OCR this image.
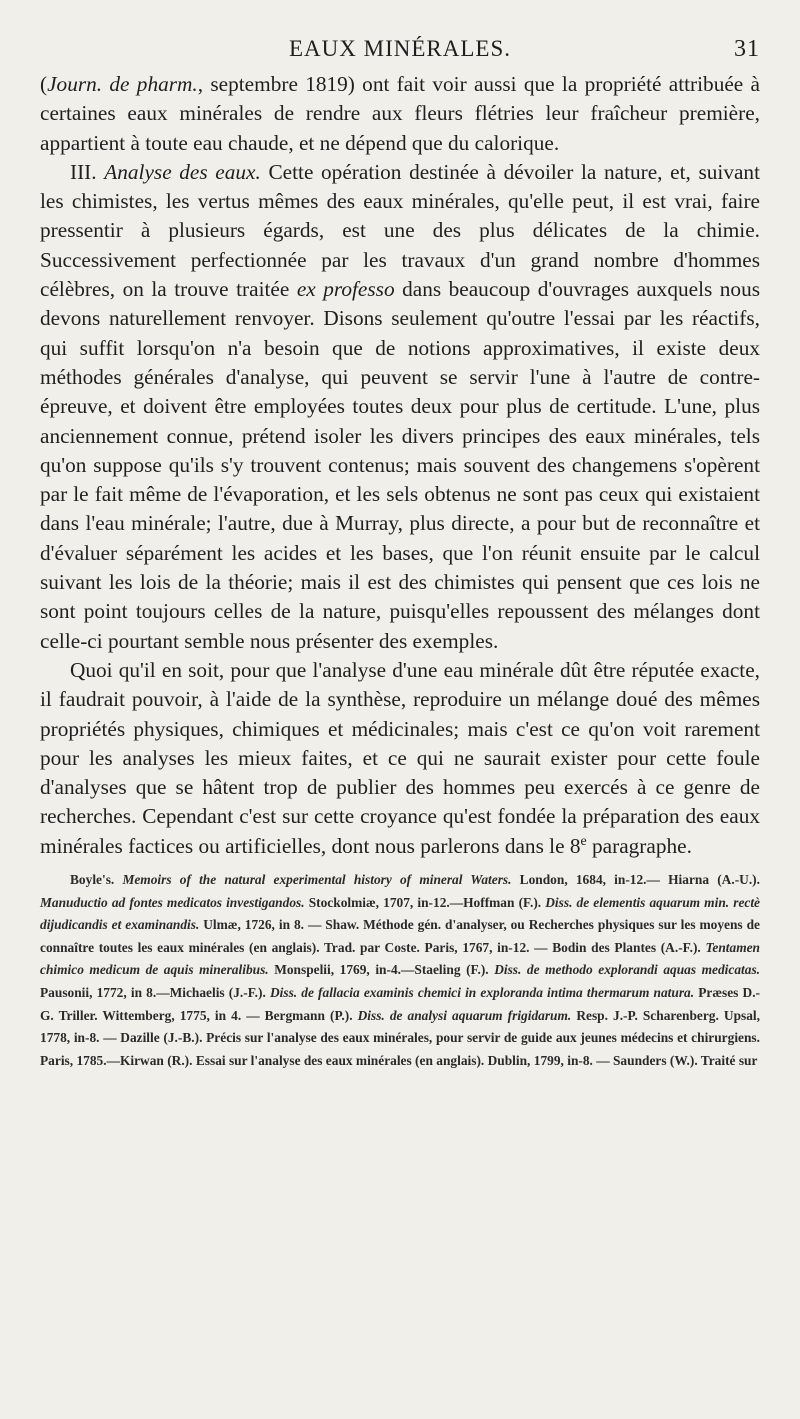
EAUX MINÉRALES.	31

(Journ. de pharm., septembre 1819) ont fait voir aussi que la propriété attribuée à certaines eaux minérales de rendre aux fleurs flétries leur fraîcheur première, appartient à toute eau chaude, et ne dépend que du calorique.

III. Analyse des eaux. Cette opération destinée à dévoiler la nature, et, suivant les chimistes, les vertus mêmes des eaux minérales, qu'elle peut, il est vrai, faire pressentir à plusieurs égards, est une des plus délicates de la chimie. Successivement perfectionnée par les travaux d'un grand nombre d'hommes célèbres, on la trouve traitée ex professo dans beaucoup d'ouvrages auxquels nous devons naturellement renvoyer. Disons seulement qu'outre l'essai par les réactifs, qui suffit lorsqu'on n'a besoin que de notions approximatives, il existe deux méthodes générales d'analyse, qui peuvent se servir l'une à l'autre de contre-épreuve, et doivent être employées toutes deux pour plus de certitude. L'une, plus anciennement connue, prétend isoler les divers principes des eaux minérales, tels qu'on suppose qu'ils s'y trouvent contenus; mais souvent des changemens s'opèrent par le fait même de l'évaporation, et les sels obtenus ne sont pas ceux qui existaient dans l'eau minérale; l'autre, due à Murray, plus directe, a pour but de reconnaître et d'évaluer séparément les acides et les bases, que l'on réunit ensuite par le calcul suivant les lois de la théorie; mais il est des chimistes qui pensent que ces lois ne sont point toujours celles de la nature, puisqu'elles repoussent des mélanges dont celle-ci pourtant semble nous présenter des exemples.

Quoi qu'il en soit, pour que l'analyse d'une eau minérale dût être réputée exacte, il faudrait pouvoir, à l'aide de la synthèse, reproduire un mélange doué des mêmes propriétés physiques, chimiques et médicinales; mais c'est ce qu'on voit rarement pour les analyses les mieux faites, et ce qui ne saurait exister pour cette foule d'analyses que se hâtent trop de publier des hommes peu exercés à ce genre de recherches. Cependant c'est sur cette croyance qu'est fondée la préparation des eaux minérales factices ou artificielles, dont nous parlerons dans le 8e paragraphe.

Boyle's. Memoirs of the natural experimental history of mineral Waters. London, 1684, in-12.— Hiarna (A.-U.). Manuductio ad fontes medicatos investigandos. Stockolmiæ, 1707, in-12.—Hoffman (F.). Diss. de elementis aquarum min. rectè dijudicandis et examinandis. Ulmæ, 1726, in 8. — Shaw. Méthode gén. d'analyser, ou Recherches physiques sur les moyens de connaître toutes les eaux minérales (en anglais). Trad. par Coste. Paris, 1767, in-12. — Bodin des Plantes (A.-F.). Tentamen chimico medicum de aquis mineralibus. Monspelii, 1769, in-4.—Staeling (F.). Diss. de methodo explorandi aquas medicatas. Pausonii, 1772, in 8.—Michaelis (J.-F.). Diss. de fallacia examinis chemici in exploranda intima thermarum natura. Præses D.-G. Triller. Wittemberg, 1775, in 4. — Bergmann (P.). Diss. de analysi aquarum frigidarum. Resp. J.-P. Scharenberg. Upsal, 1778, in-8. — Dazille (J.-B.). Précis sur l'analyse des eaux minérales, pour servir de guide aux jeunes médecins et chirurgiens. Paris, 1785.—Kirwan (R.). Essai sur l'analyse des eaux minérales (en anglais). Dublin, 1799, in-8. — Saunders (W.). Traité sur
